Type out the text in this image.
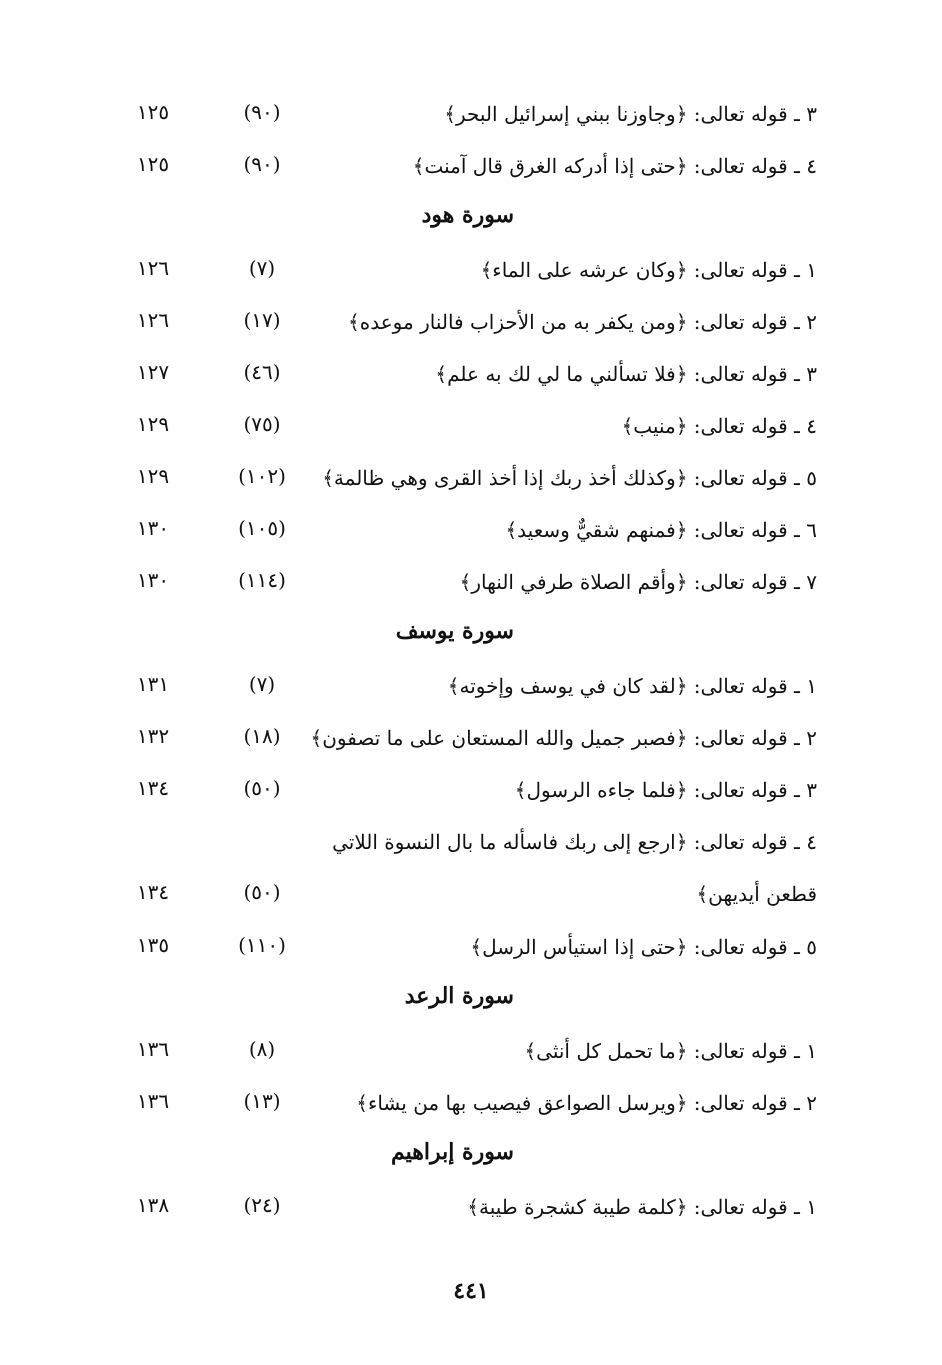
٣ ـ قوله تعالى: ﴿وجاوزنا ببني إسرائيل البحر﴾
(٩٠)
١٢٥
٤ ـ قوله تعالى: ﴿حتى إذا أدركه الغرق قال آمنت﴾
(٩٠)
١٢٥
سورة هود
١ ـ قوله تعالى: ﴿وكان عرشه على الماء﴾
(٧)
١٢٦
٢ ـ قوله تعالى: ﴿ومن يكفر به من الأحزاب فالنار موعده﴾
(١٧)
١٢٦
٣ ـ قوله تعالى: ﴿فلا تسألني ما لي لك به علم﴾
(٤٦)
١٢٧
٤ ـ قوله تعالى: ﴿منيب﴾
(٧٥)
١٢٩
٥ ـ قوله تعالى: ﴿وكذلك أخذ ربك إذا أخذ القرى وهي ظالمة﴾
(١٠٢)
١٢٩
٦ ـ قوله تعالى: ﴿فمنهم شقيٌّ وسعيد﴾
(١٠٥)
١٣٠
٧ ـ قوله تعالى: ﴿وأقم الصلاة طرفي النهار﴾
(١١٤)
١٣٠
سورة يوسف
١ ـ قوله تعالى: ﴿لقد كان في يوسف وإخوته﴾
(٧)
١٣١
٢ ـ قوله تعالى: ﴿فصبر جميل والله المستعان على ما تصفون﴾
(١٨)
١٣٢
٣ ـ قوله تعالى: ﴿فلما جاءه الرسول﴾
(٥٠)
١٣٤
٤ ـ قوله تعالى: ﴿ارجع إلى ربك فاسأله ما بال النسوة اللاتي قطعن أيديهن﴾
(٥٠)
١٣٤
٥ ـ قوله تعالى: ﴿حتى إذا استيأس الرسل﴾
(١١٠)
١٣٥
سورة الرعد
١ ـ قوله تعالى: ﴿ما تحمل كل أنثى﴾
(٨)
١٣٦
٢ ـ قوله تعالى: ﴿ويرسل الصواعق فيصيب بها من يشاء﴾
(١٣)
١٣٦
سورة إبراهيم
١ ـ قوله تعالى: ﴿كلمة طيبة كشجرة طيبة﴾
(٢٤)
١٣٨
٤٤١
